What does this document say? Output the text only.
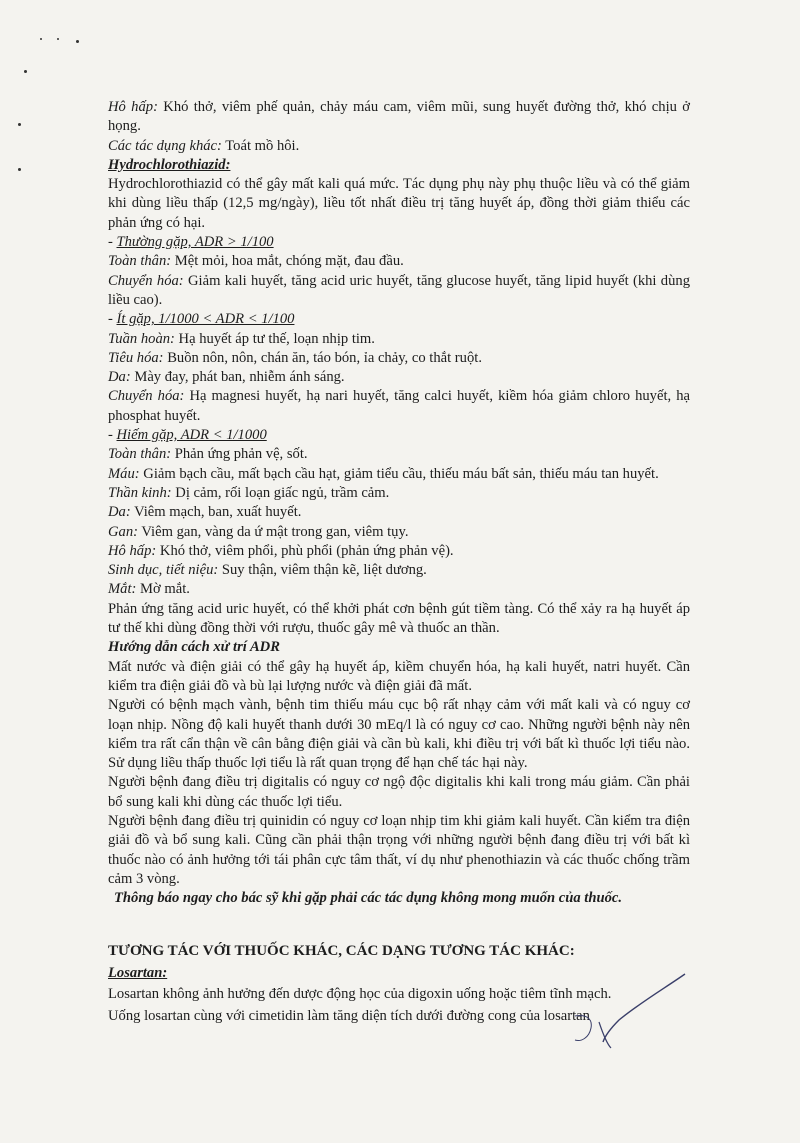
Hô hấp: Khó thở, viêm phế quản, chảy máu cam, viêm mũi, sung huyết đường thở, khó chịu ở họng.

Các tác dụng khác: Toát mồ hôi.

Hydrochlorothiazid:

Hydrochlorothiazid có thể gây mất kali quá mức. Tác dụng phụ này phụ thuộc liều và có thể giảm khi dùng liều thấp (12,5 mg/ngày), liều tốt nhất điều trị tăng huyết áp, đồng thời giảm thiểu các phản ứng có hại.

- Thường gặp, ADR > 1/100

Toàn thân: Mệt mỏi, hoa mắt, chóng mặt, đau đầu.

Chuyển hóa: Giảm kali huyết, tăng acid uric huyết, tăng glucose huyết, tăng lipid huyết (khi dùng liều cao).

- Ít gặp, 1/1000 < ADR < 1/100

Tuần hoàn: Hạ huyết áp tư thế, loạn nhịp tim.

Tiêu hóa: Buồn nôn, nôn, chán ăn, táo bón, ỉa chảy, co thắt ruột.

Da: Mày đay, phát ban, nhiễm ánh sáng.

Chuyển hóa: Hạ magnesi huyết, hạ nari huyết, tăng calci huyết, kiềm hóa giảm chloro huyết, hạ phosphat huyết.

- Hiếm gặp, ADR < 1/1000

Toàn thân: Phản ứng phản vệ, sốt.

Máu: Giảm bạch cầu, mất bạch cầu hạt, giảm tiểu cầu, thiếu máu bất sản, thiếu máu tan huyết.

Thần kinh: Dị cảm, rối loạn giấc ngủ, trầm cảm.

Da: Viêm mạch, ban, xuất huyết.

Gan: Viêm gan, vàng da ứ mật trong gan, viêm tụy.

Hô hấp: Khó thở, viêm phổi, phù phổi (phản ứng phản vệ).

Sinh dục, tiết niệu: Suy thận, viêm thận kẽ, liệt dương.

Mắt: Mờ mắt.

Phản ứng tăng acid uric huyết, có thể khởi phát cơn bệnh gút tiềm tàng. Có thể xảy ra hạ huyết áp tư thế khi dùng đồng thời với rượu, thuốc gây mê và thuốc an thần.

Hướng dẫn cách xử trí ADR

Mất nước và điện giải có thể gây hạ huyết áp, kiềm chuyển hóa, hạ kali huyết, natri huyết. Cần kiểm tra điện giải đồ và bù lại lượng nước và điện giải đã mất.

Người có bệnh mạch vành, bệnh tim thiếu máu cục bộ rất nhạy cảm với mất kali và có nguy cơ loạn nhịp. Nồng độ kali huyết thanh dưới 30 mEq/l là có nguy cơ cao. Những người bệnh này nên kiểm tra rất cẩn thận về cân bằng điện giải và cần bù kali, khi điều trị với bất kì thuốc lợi tiểu nào. Sử dụng liều thấp thuốc lợi tiểu là rất quan trọng để hạn chế tác hại này.

Người bệnh đang điều trị digitalis có nguy cơ ngộ độc digitalis khi kali trong máu giảm. Cần phải bổ sung kali khi dùng các thuốc lợi tiểu.

Người bệnh đang điều trị quinidin có nguy cơ loạn nhịp tim khi giảm kali huyết. Cần kiểm tra điện giải đồ và bổ sung kali. Cũng cần phải thận trọng với những người bệnh đang điều trị với bất kì thuốc nào có ảnh hưởng tới tái phân cực tâm thất, ví dụ như phenothiazin và các thuốc chống trầm cảm 3 vòng.

Thông báo ngay cho bác sỹ khi gặp phải các tác dụng không mong muốn của thuốc.

TƯƠNG TÁC VỚI THUỐC KHÁC, CÁC DẠNG TƯƠNG TÁC KHÁC:

Losartan:

Losartan không ảnh hưởng đến dược động học của digoxin uống hoặc tiêm tĩnh mạch.

Uống losartan cùng với cimetidin làm tăng diện tích dưới đường cong của losartan
